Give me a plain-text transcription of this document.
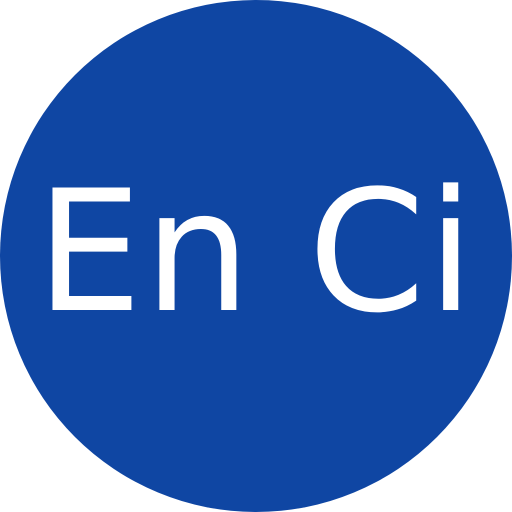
En Ci
